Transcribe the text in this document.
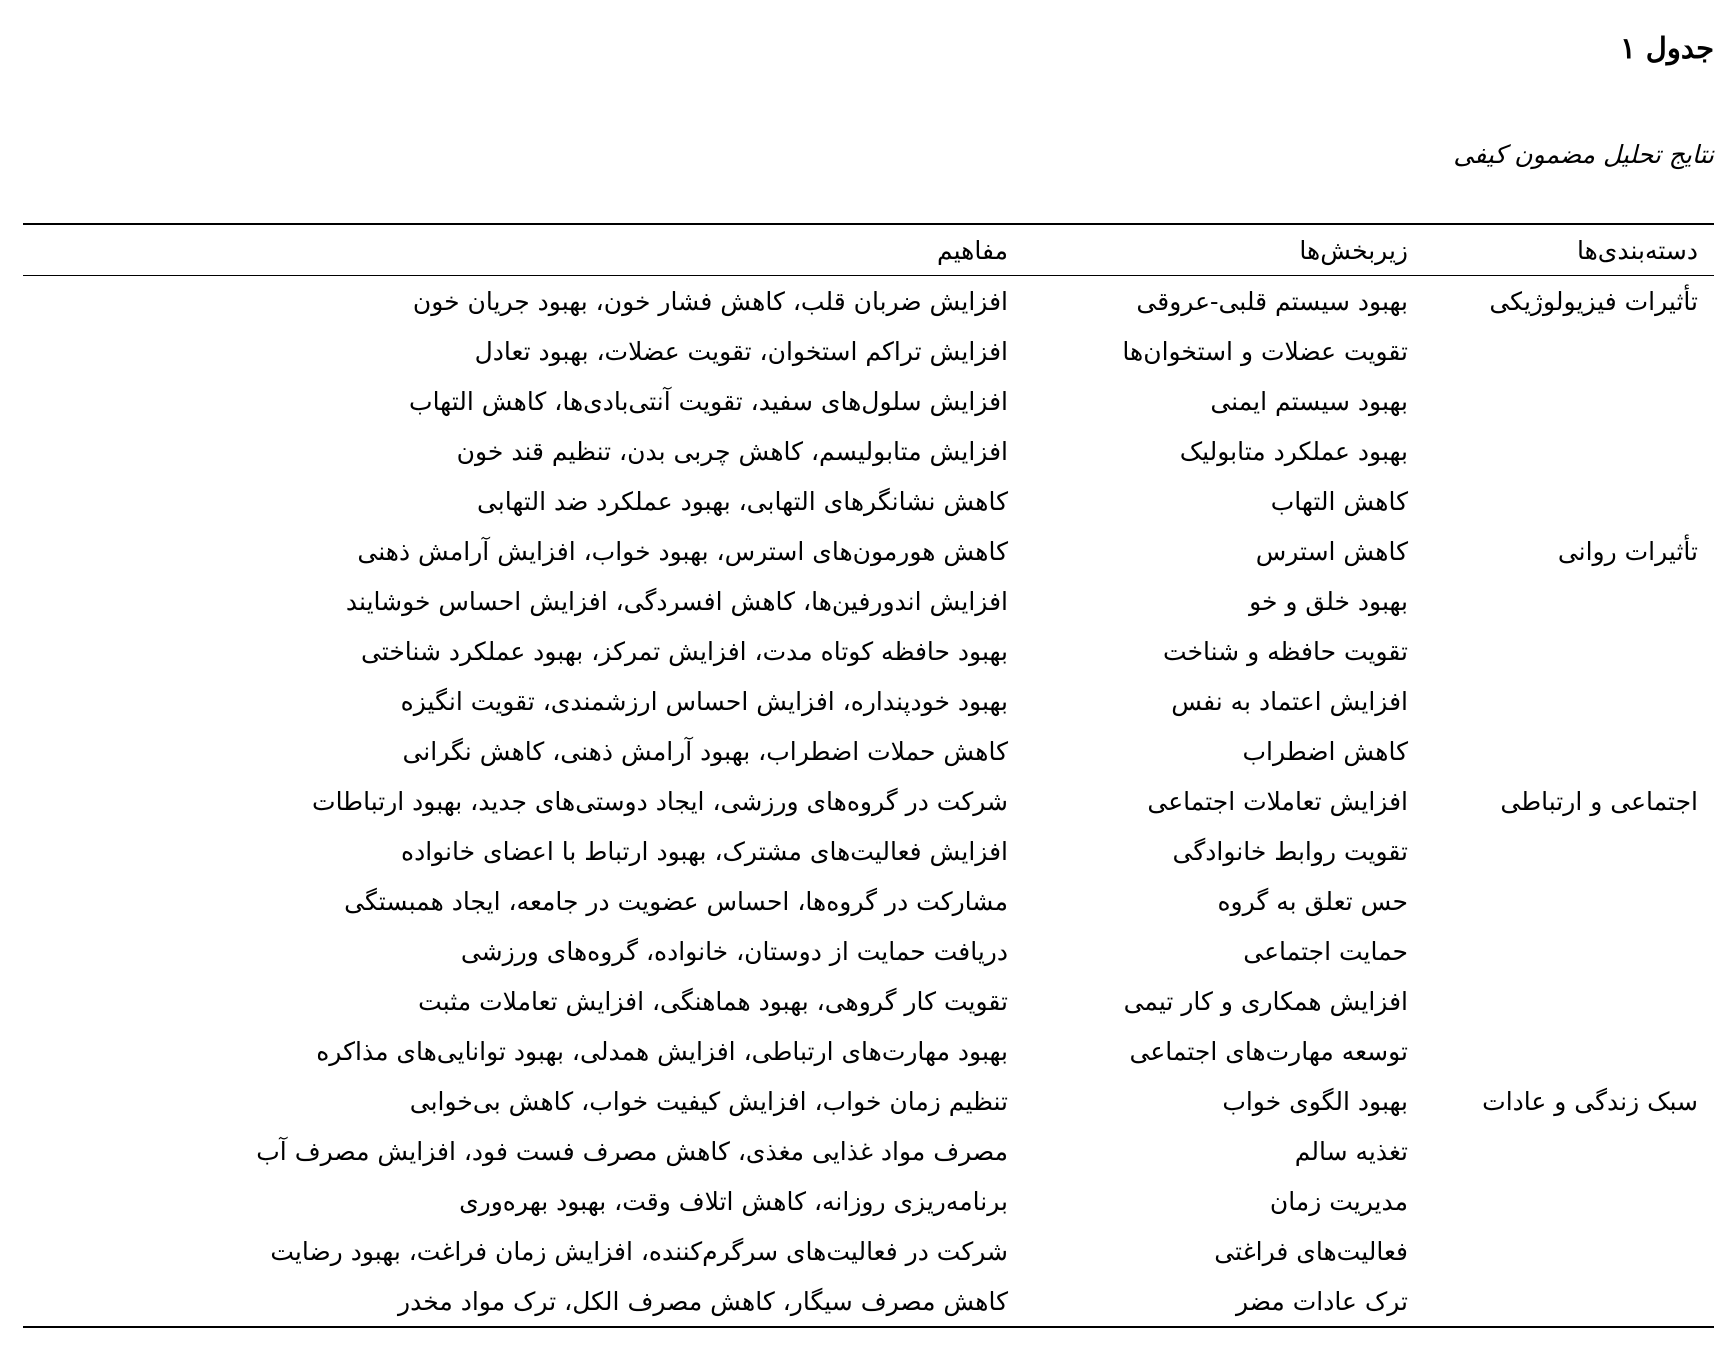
جدول ۱

نتایج تحلیل مضمون کیفی

دسته‌بندی‌ها	زیربخش‌ها	مفاهیم
تأثیرات فیزیولوژیکی	بهبود سیستم قلبی-عروقی	افزایش ضربان قلب، کاهش فشار خون، بهبود جریان خون
	تقویت عضلات و استخوان‌ها	افزایش تراکم استخوان، تقویت عضلات، بهبود تعادل
	بهبود سیستم ایمنی	افزایش سلول‌های سفید، تقویت آنتی‌بادی‌ها، کاهش التهاب
	بهبود عملکرد متابولیک	افزایش متابولیسم، کاهش چربی بدن، تنظیم قند خون
	کاهش التهاب	کاهش نشانگرهای التهابی، بهبود عملکرد ضد التهابی
تأثیرات روانی	کاهش استرس	کاهش هورمون‌های استرس، بهبود خواب، افزایش آرامش ذهنی
	بهبود خلق و خو	افزایش اندورفین‌ها، کاهش افسردگی، افزایش احساس خوشایند
	تقویت حافظه و شناخت	بهبود حافظه کوتاه مدت، افزایش تمرکز، بهبود عملکرد شناختی
	افزایش اعتماد به نفس	بهبود خودپنداره، افزایش احساس ارزشمندی، تقویت انگیزه
	کاهش اضطراب	کاهش حملات اضطراب، بهبود آرامش ذهنی، کاهش نگرانی
اجتماعی و ارتباطی	افزایش تعاملات اجتماعی	شرکت در گروه‌های ورزشی، ایجاد دوستی‌های جدید، بهبود ارتباطات
	تقویت روابط خانوادگی	افزایش فعالیت‌های مشترک، بهبود ارتباط با اعضای خانواده
	حس تعلق به گروه	مشارکت در گروه‌ها، احساس عضویت در جامعه، ایجاد همبستگی
	حمایت اجتماعی	دریافت حمایت از دوستان، خانواده، گروه‌های ورزشی
	افزایش همکاری و کار تیمی	تقویت کار گروهی، بهبود هماهنگی، افزایش تعاملات مثبت
	توسعه مهارت‌های اجتماعی	بهبود مهارت‌های ارتباطی، افزایش همدلی، بهبود توانایی‌های مذاکره
سبک زندگی و عادات	بهبود الگوی خواب	تنظیم زمان خواب، افزایش کیفیت خواب، کاهش بی‌خوابی
	تغذیه سالم	مصرف مواد غذایی مغذی، کاهش مصرف فست فود، افزایش مصرف آب
	مدیریت زمان	برنامه‌ریزی روزانه، کاهش اتلاف وقت، بهبود بهره‌وری
	فعالیت‌های فراغتی	شرکت در فعالیت‌های سرگرم‌کننده، افزایش زمان فراغت، بهبود رضایت
	ترک عادات مضر	کاهش مصرف سیگار، کاهش مصرف الکل، ترک مواد مخدر
